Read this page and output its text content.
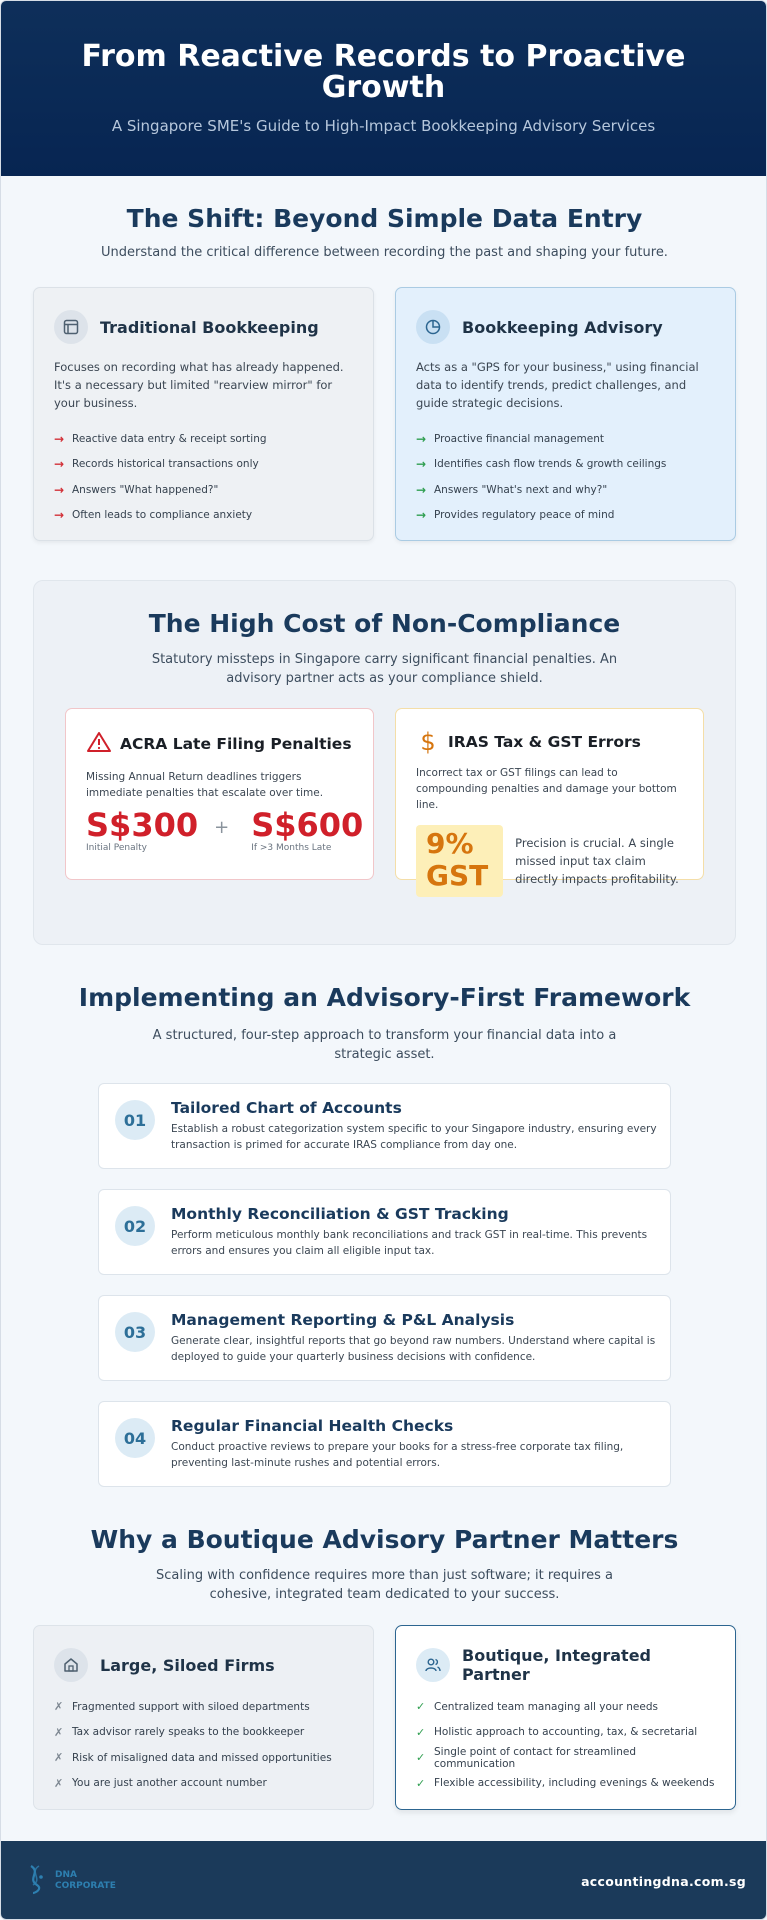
From Reactive Records to Proactive Growth

A Singapore SME's Guide to High-Impact Bookkeeping Advisory Services

The Shift: Beyond Simple Data Entry

Understand the critical difference between recording the past and shaping your future.

Traditional Bookkeeping

Focuses on recording what has already happened. It's a necessary but limited "rearview mirror" for your business.

→ Reactive data entry & receipt sorting
→ Records historical transactions only
→ Answers "What happened?"
→ Often leads to compliance anxiety
Bookkeeping Advisory

Acts as a "GPS for your business," using financial data to identify trends, predict challenges, and guide strategic decisions.

→ Proactive financial management
→ Identifies cash flow trends & growth ceilings
→ Answers "What's next and why?"
→ Provides regulatory peace of mind
The High Cost of Non-Compliance

Statutory missteps in Singapore carry significant financial penalties. An advisory partner acts as your compliance shield.

ACRA Late Filing Penalties

Missing Annual Return deadlines triggers immediate penalties that escalate over time.

S$300
Initial Penalty
+ S$600
If >3 Months Late
$ IRAS Tax & GST Errors

Incorrect tax or GST filings can lead to compounding penalties and damage your bottom line.

9%
GST

Precision is crucial. A single missed input tax claim directly impacts profitability.

Implementing an Advisory-First Framework

A structured, four-step approach to transform your financial data into a strategic asset.

01
Tailored Chart of Accounts
Establish a robust categorization system specific to your Singapore industry, ensuring every transaction is primed for accurate IRAS compliance from day one.
02
Monthly Reconciliation & GST Tracking
Perform meticulous monthly bank reconciliations and track GST in real-time. This prevents errors and ensures you claim all eligible input tax.
03
Management Reporting & P&L Analysis
Generate clear, insightful reports that go beyond raw numbers. Understand where capital is deployed to guide your quarterly business decisions with confidence.
04
Regular Financial Health Checks
Conduct proactive reviews to prepare your books for a stress-free corporate tax filing, preventing last-minute rushes and potential errors.
Why a Boutique Advisory Partner Matters

Scaling with confidence requires more than just software; it requires a cohesive, integrated team dedicated to your success.

Large, Siloed Firms
✗ Fragmented support with siloed departments
✗ Tax advisor rarely speaks to the bookkeeper
✗ Risk of misaligned data and missed opportunities
✗ You are just another account number
Boutique, Integrated Partner
✓ Centralized team managing all your needs
✓ Holistic approach to accounting, tax, & secretarial
✓ Single point of contact for streamlined communication
✓ Flexible accessibility, including evenings & weekends
DNA
CORPORATE	accountingdna.com.sg
